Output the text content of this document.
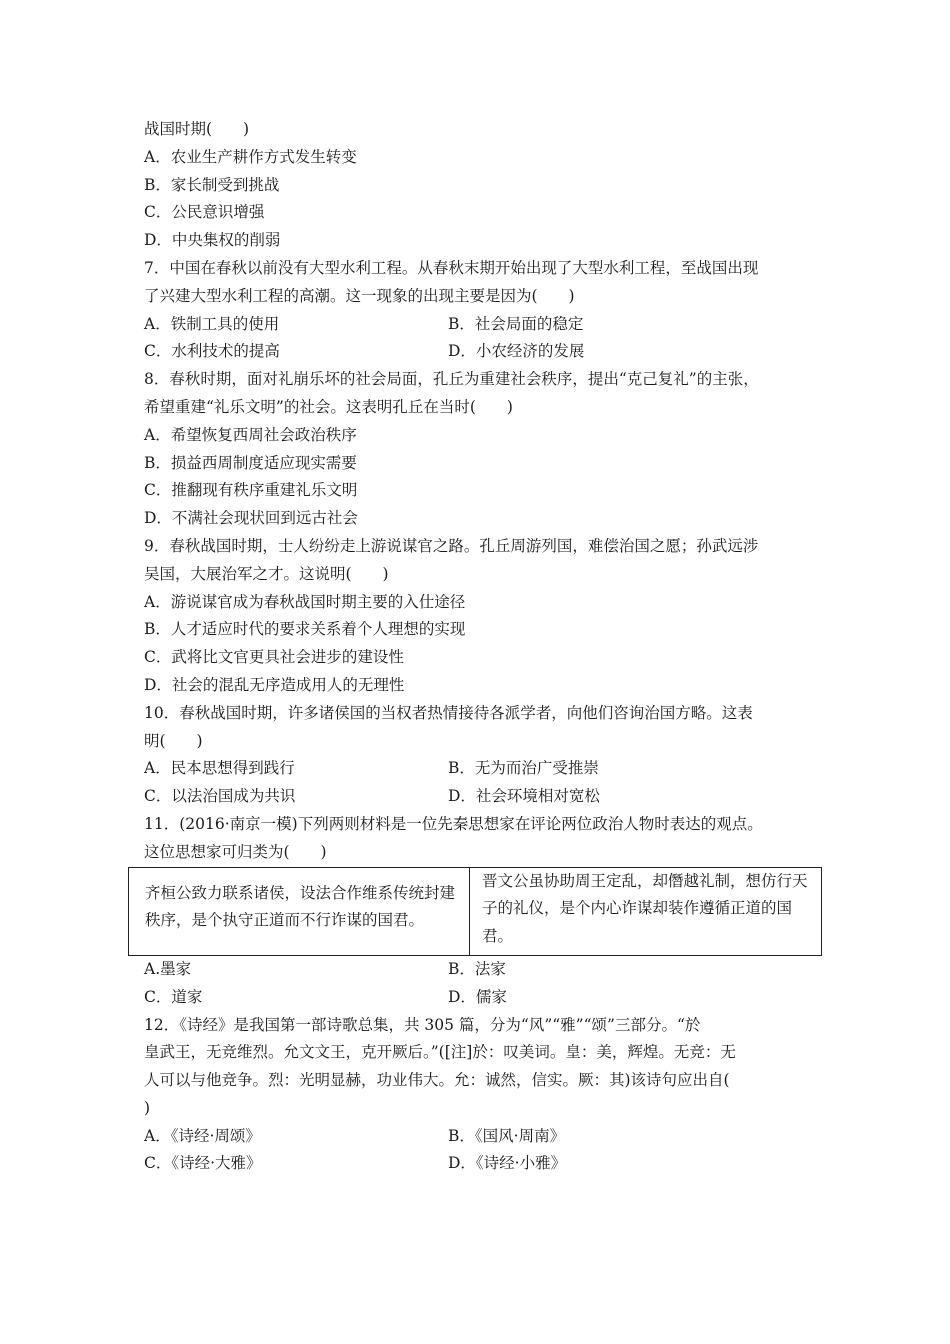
战国时期(　　)
A．农业生产耕作方式发生转变
B．家长制受到挑战
C．公民意识增强
D．中央集权的削弱
7．中国在春秋以前没有大型水利工程。从春秋末期开始出现了大型水利工程，至战国出现
了兴建大型水利工程的高潮。这一现象的出现主要是因为(　　)
A．铁制工具的使用	B．社会局面的稳定
C．水利技术的提高	D．小农经济的发展
8．春秋时期，面对礼崩乐坏的社会局面，孔丘为重建社会秩序，提出“克己复礼”的主张，
希望重建“礼乐文明”的社会。这表明孔丘在当时(　　)
A．希望恢复西周社会政治秩序
B．损益西周制度适应现实需要
C．推翻现有秩序重建礼乐文明
D．不满社会现状回到远古社会
9．春秋战国时期，士人纷纷走上游说谋官之路。孔丘周游列国，难偿治国之愿；孙武远涉
吴国，大展治军之才。这说明(　　)
A．游说谋官成为春秋战国时期主要的入仕途径
B．人才适应时代的要求关系着个人理想的实现
C．武将比文官更具社会进步的建设性
D．社会的混乱无序造成用人的无理性
10．春秋战国时期，许多诸侯国的当权者热情接待各派学者，向他们咨询治国方略。这表
明(　　)
A．民本思想得到践行	B．无为而治广受推崇
C．以法治国成为共识	D．社会环境相对宽松
11．(2016·南京一模)下列两则材料是一位先秦思想家在评论两位政治人物时表达的观点。
这位思想家可归类为(　　)
齐桓公致力联系诸侯，设法合作维系传统封建秩序，是个执守正道而不行诈谋的国君。
晋文公虽协助周王定乱，却僭越礼制，想仿行天子的礼仪，是个内心诈谋却装作遵循正道的国君。
A.墨家	B．法家
C．道家	D．儒家
12．《诗经》是我国第一部诗歌总集，共 305 篇，分为“风”“雅”“颂”三部分。“於
皇武王，无竞维烈。允文文王，克开厥后。”([注]於：叹美词。皇：美，辉煌。无竞：无
人可以与他竞争。烈：光明显赫，功业伟大。允：诚然，信实。厥：其)该诗句应出自(
)
A．《诗经·周颂》	B．《国风·周南》
C．《诗经·大雅》	D．《诗经·小雅》
